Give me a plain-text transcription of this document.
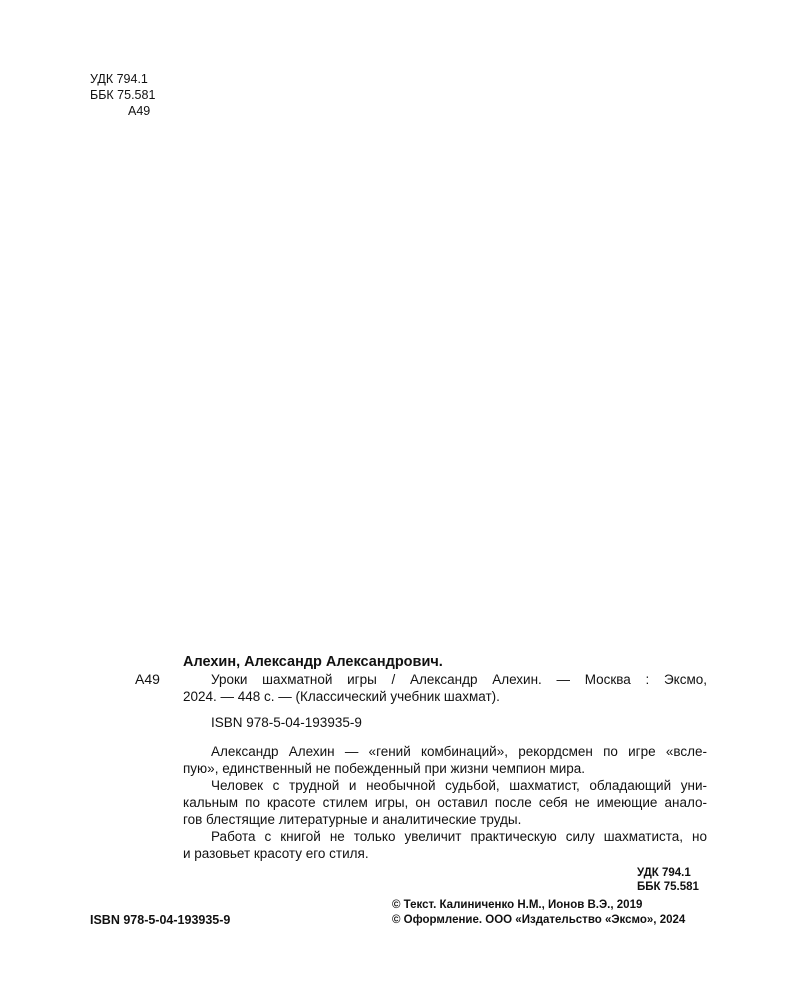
УДК 794.1
ББК 75.581
А49
А49

Алехин, Александр Александрович.

Уроки шахматной игры / Александр Алехин. — Москва : Эксмо,

2024. — 448 с. — (Классический учебник шахмат).

ISBN 978-5-04-193935-9

Александр Алехин — «гений комбинаций», рекордсмен по игре «всле-

пую», единственный не побежденный при жизни чемпион мира.

Человек с трудной и необычной судьбой, шахматист, обладающий уни-

кальным по красоте стилем игры, он оставил после себя не имеющие анало-

гов блестящие литературные и аналитические труды.

Работа с книгой не только увеличит практическую силу шахматиста, но

и разовьет красоту его стиля.

УДК 794.1
ББК 75.581
ISBN 978-5-04-193935-9
© Текст. Калиниченко Н.М., Ионов В.Э., 2019
© Оформление. ООО «Издательство «Эксмо», 2024
